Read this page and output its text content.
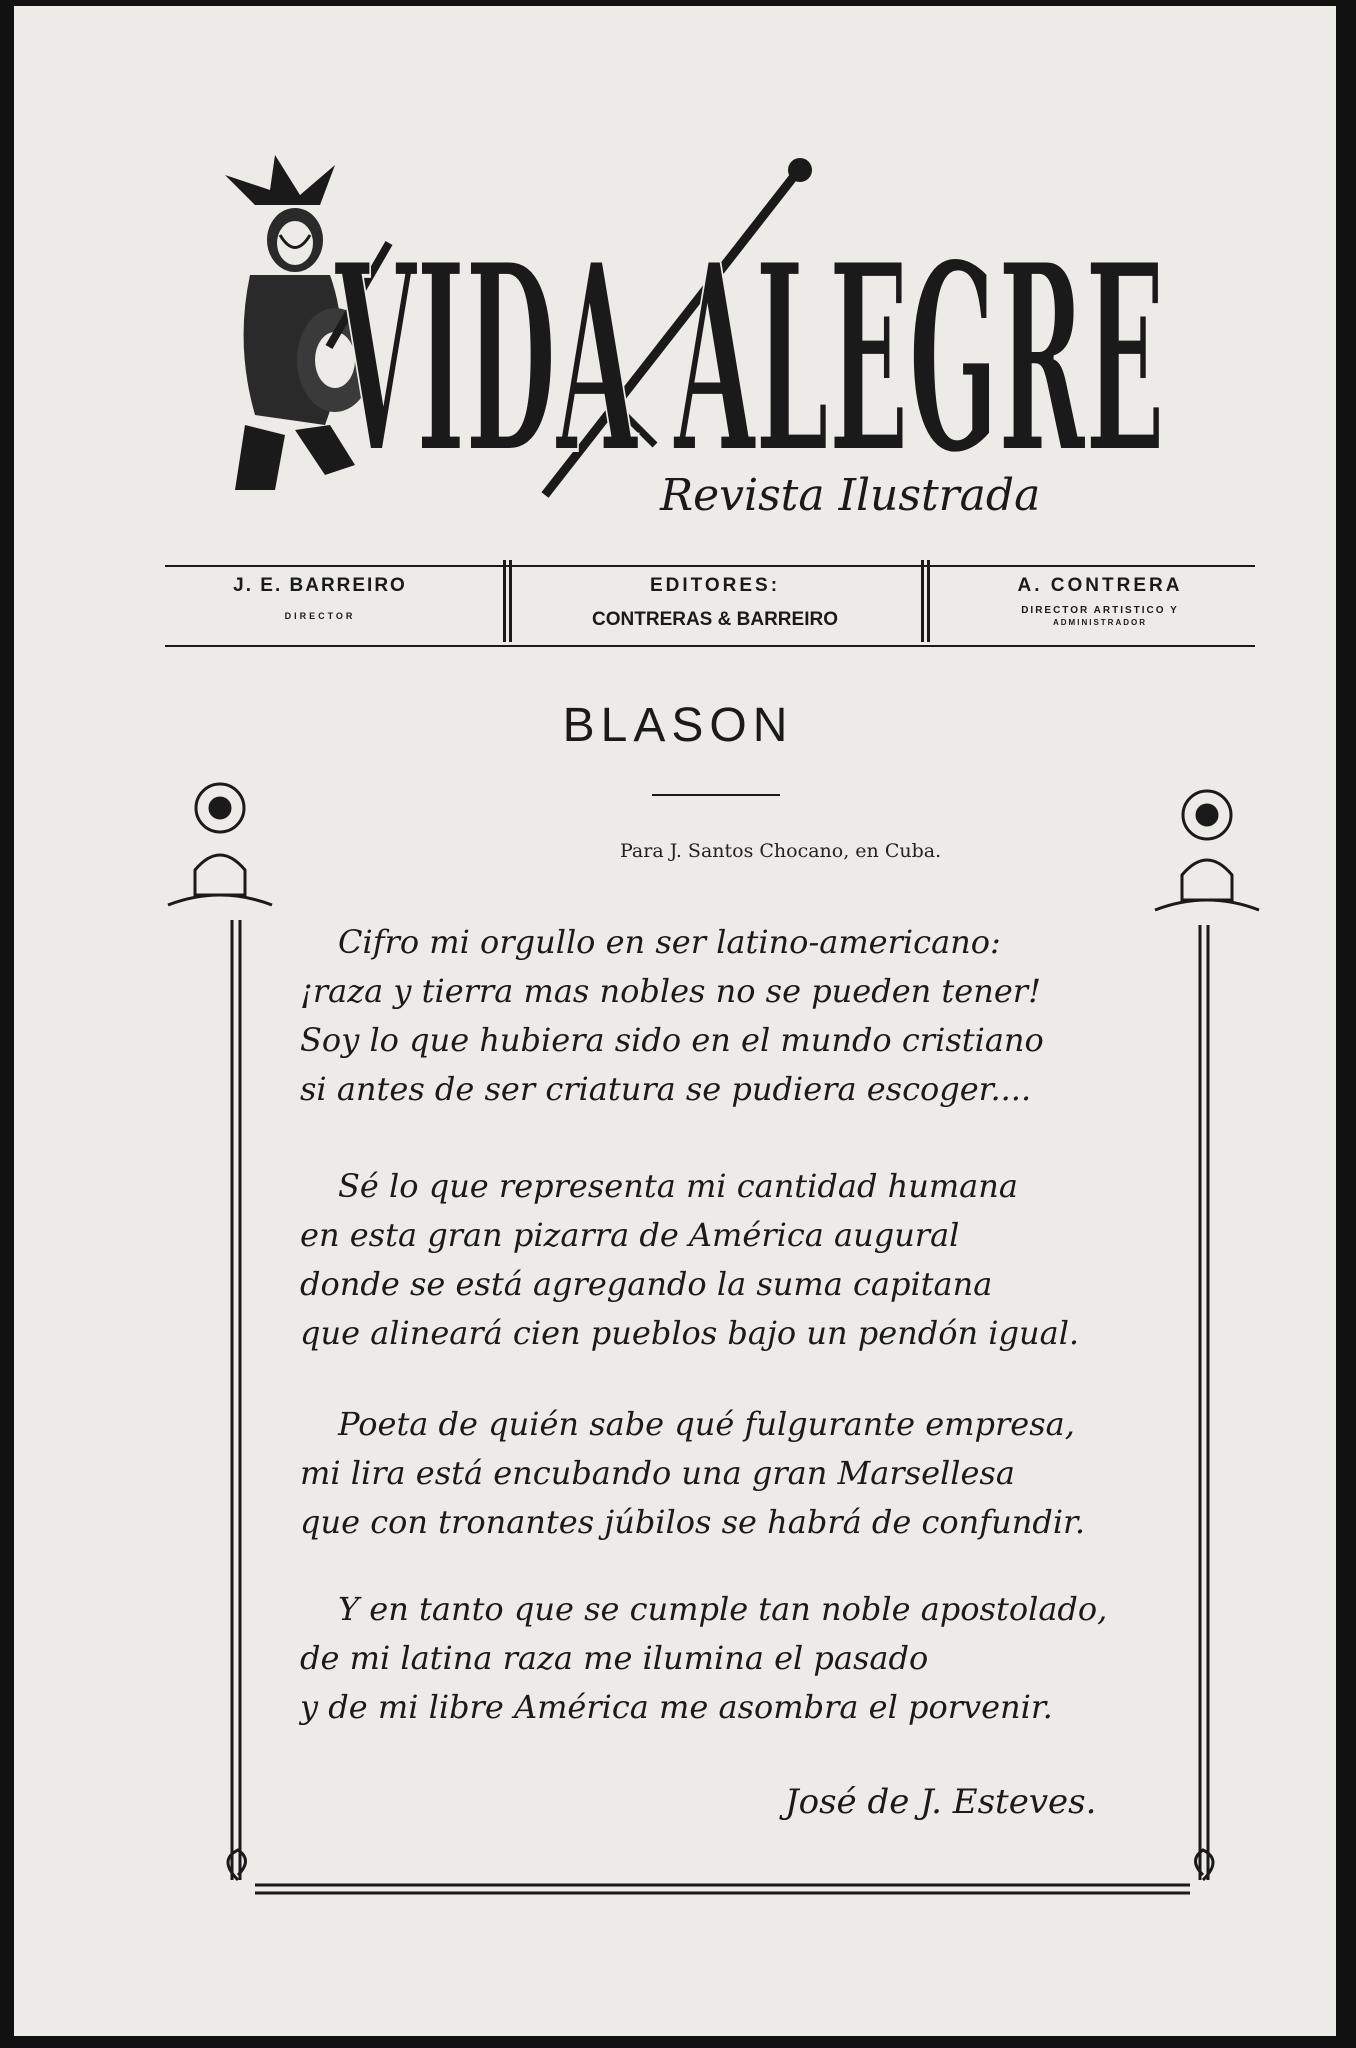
VIDA ALEGRE
Revista Ilustrada
J. E. BARREIRO
DIRECTOR
EDITORES:
CONTRERAS & BARREIRO
A. CONTRERA
DIRECTOR ARTISTICO Y
ADMINISTRADOR
BLASON
Para J. Santos Chocano, en Cuba.
Cifro mi orgullo en ser latino-americano:
¡raza y tierra mas nobles no se pueden tener!
Soy lo que hubiera sido en el mundo cristiano
si antes de ser criatura se pudiera escoger....
Sé lo que representa mi cantidad humana
en esta gran pizarra de América augural
donde se está agregando la suma capitana
que alineará cien pueblos bajo un pendón igual.
Poeta de quién sabe qué fulgurante empresa,
mi lira está encubando una gran Marsellesa
que con tronantes júbilos se habrá de confundir.
Y en tanto que se cumple tan noble apostolado,
de mi latina raza me ilumina el pasado
y de mi libre América me asombra el porvenir.
José de J. Esteves.
